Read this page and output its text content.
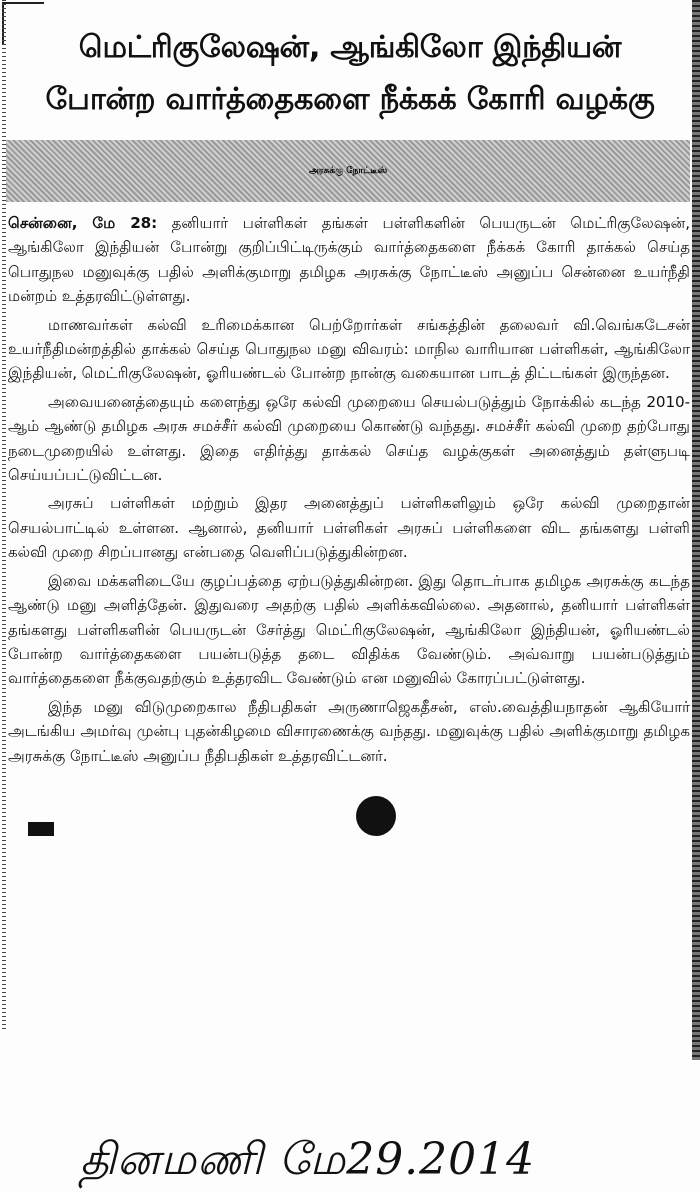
மெட்ரிகுலேஷன், ஆங்கிலோ இந்தியன்
போன்ற வார்த்தைகளை நீக்கக் கோரி வழக்கு
அரசுக்கு நோட்டீஸ்

சென்னை, மே 28: தனியார் பள்ளிகள் தங்கள் பள்ளிகளின் பெயருடன் மெட்ரிகுலேஷன், ஆங்கிலோ இந்தியன் போன்று குறிப்பிட்டிருக்கும் வார்த்தைகளை நீக்கக் கோரி தாக்கல் செய்த பொதுநல மனுவுக்கு பதில் அளிக்குமாறு தமிழக அரசுக்கு நோட்டீஸ் அனுப்ப சென்னை உயர்நீதி மன்றம் உத்தரவிட்டுள்ளது.

மாணவர்கள் கல்வி உரிமைக்கான பெற்றோர்கள் சங்கத்தின் தலைவர் வி.வெங்கடேசன் உயர்நீதிமன்றத்தில் தாக்கல் செய்த பொதுநல மனு விவரம்: மாநில வாரியான பள்ளிகள், ஆங்கிலோ இந்தியன், மெட்ரிகுலேஷன், ஓரியண்டல் போன்ற நான்கு வகையான பாடத் திட்டங்கள் இருந்தன.

அவையனைத்தையும் களைந்து ஒரே கல்வி முறையை செயல்படுத்தும் நோக்கில் கடந்த 2010-ஆம் ஆண்டு தமிழக அரசு சமச்சீர் கல்வி முறையை கொண்டு வந்தது. சமச்சீர் கல்வி முறை தற்போது நடைமுறையில் உள்ளது. இதை எதிர்த்து தாக்கல் செய்த வழக்குகள் அனைத்தும் தள்ளுபடி செய்யப்பட்டுவிட்டன.

அரசுப் பள்ளிகள் மற்றும் இதர அனைத்துப் பள்ளிகளிலும் ஒரே கல்வி முறைதான் செயல்பாட்டில் உள்ளன. ஆனால், தனியார் பள்ளிகள் அரசுப் பள்ளிகளை விட தங்களது பள்ளி கல்வி முறை சிறப்பானது என்பதை வெளிப்படுத்துகின்றன.

இவை மக்களிடையே குழப்பத்தை ஏற்படுத்துகின்றன. இது தொடர்பாக தமிழக அரசுக்கு கடந்த ஆண்டு மனு அளித்தேன். இதுவரை அதற்கு பதில் அளிக்கவில்லை. அதனால், தனியார் பள்ளிகள் தங்களது பள்ளிகளின் பெயருடன் சேர்த்து மெட்ரிகுலேஷன், ஆங்கிலோ இந்தியன், ஓரியண்டல் போன்ற வார்த்தைகளை பயன்படுத்த தடை விதிக்க வேண்டும். அவ்வாறு பயன்படுத்தும் வார்த்தைகளை நீக்குவதற்கும் உத்தரவிட வேண்டும் என மனுவில் கோரப்பட்டுள்ளது.

இந்த மனு விடுமுறைகால நீதிபதிகள் அருணாஜெகதீசன், எஸ்.வைத்தியநாதன் ஆகியோர் அடங்கிய அமர்வு முன்பு புதன்கிழமை விசாரணைக்கு வந்தது. மனுவுக்கு பதில் அளிக்குமாறு தமிழக அரசுக்கு நோட்டீஸ் அனுப்ப நீதிபதிகள் உத்தரவிட்டனர்.

தினமணி மே29.2014
